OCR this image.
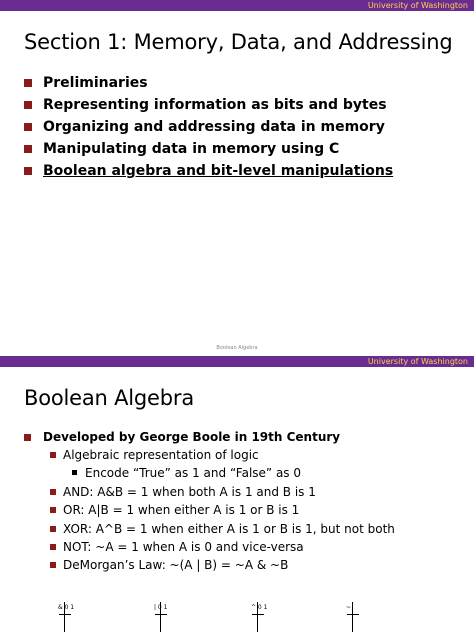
University of Washington
Section 1: Memory, Data, and Addressing
Preliminaries
Representing information as bits and bytes
Organizing and addressing data in memory
Manipulating data in memory using C
Boolean algebra and bit-level manipulations
Boolean Algebra
University of Washington
Boolean Algebra
Developed by George Boole in 19th Century
Algebraic representation of logic
Encode “True” as 1 and “False” as 0
AND: A&B = 1 when both A is 1 and B is 1
OR: A|B = 1 when either A is 1 or B is 1
XOR: A^B = 1 when either A is 1 or B is 1, but not both
NOT: ~A = 1 when A is 0 and vice-versa
DeMorgan’s Law: ~(A | B) = ~A & ~B
& 0 1	| 0 1	^ 0 1	~
